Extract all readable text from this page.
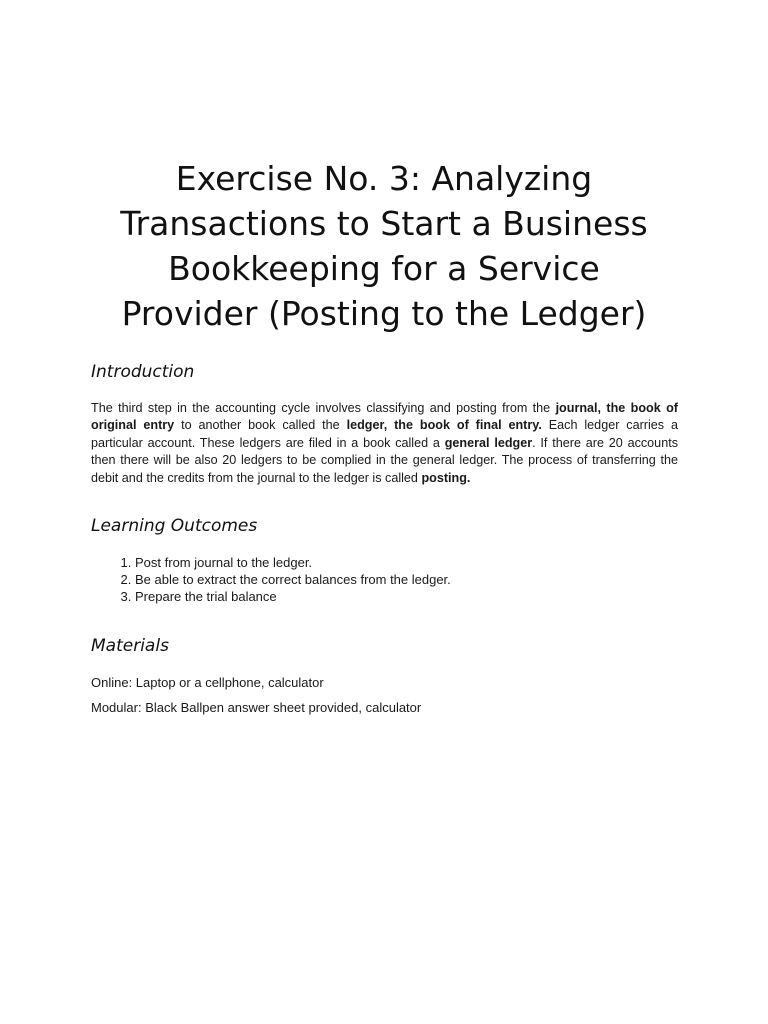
Exercise No. 3: Analyzing
Transactions to Start a Business
Bookkeeping for a Service
Provider (Posting to the Ledger)
Introduction

The third step in the accounting cycle involves classifying and posting from the journal, the book of original entry to another book called the ledger, the book of final entry. Each ledger carries a particular account. These ledgers are filed in a book called a general ledger. If there are 20 accounts then there will be also 20 ledgers to be complied in the general ledger. The process of transferring the debit and the credits from the journal to the ledger is called posting.

Learning Outcomes
1. Post from journal to the ledger.
2. Be able to extract the correct balances from the ledger.
3. Prepare the trial balance
Materials

Online: Laptop or a cellphone, calculator

Modular: Black Ballpen answer sheet provided, calculator
